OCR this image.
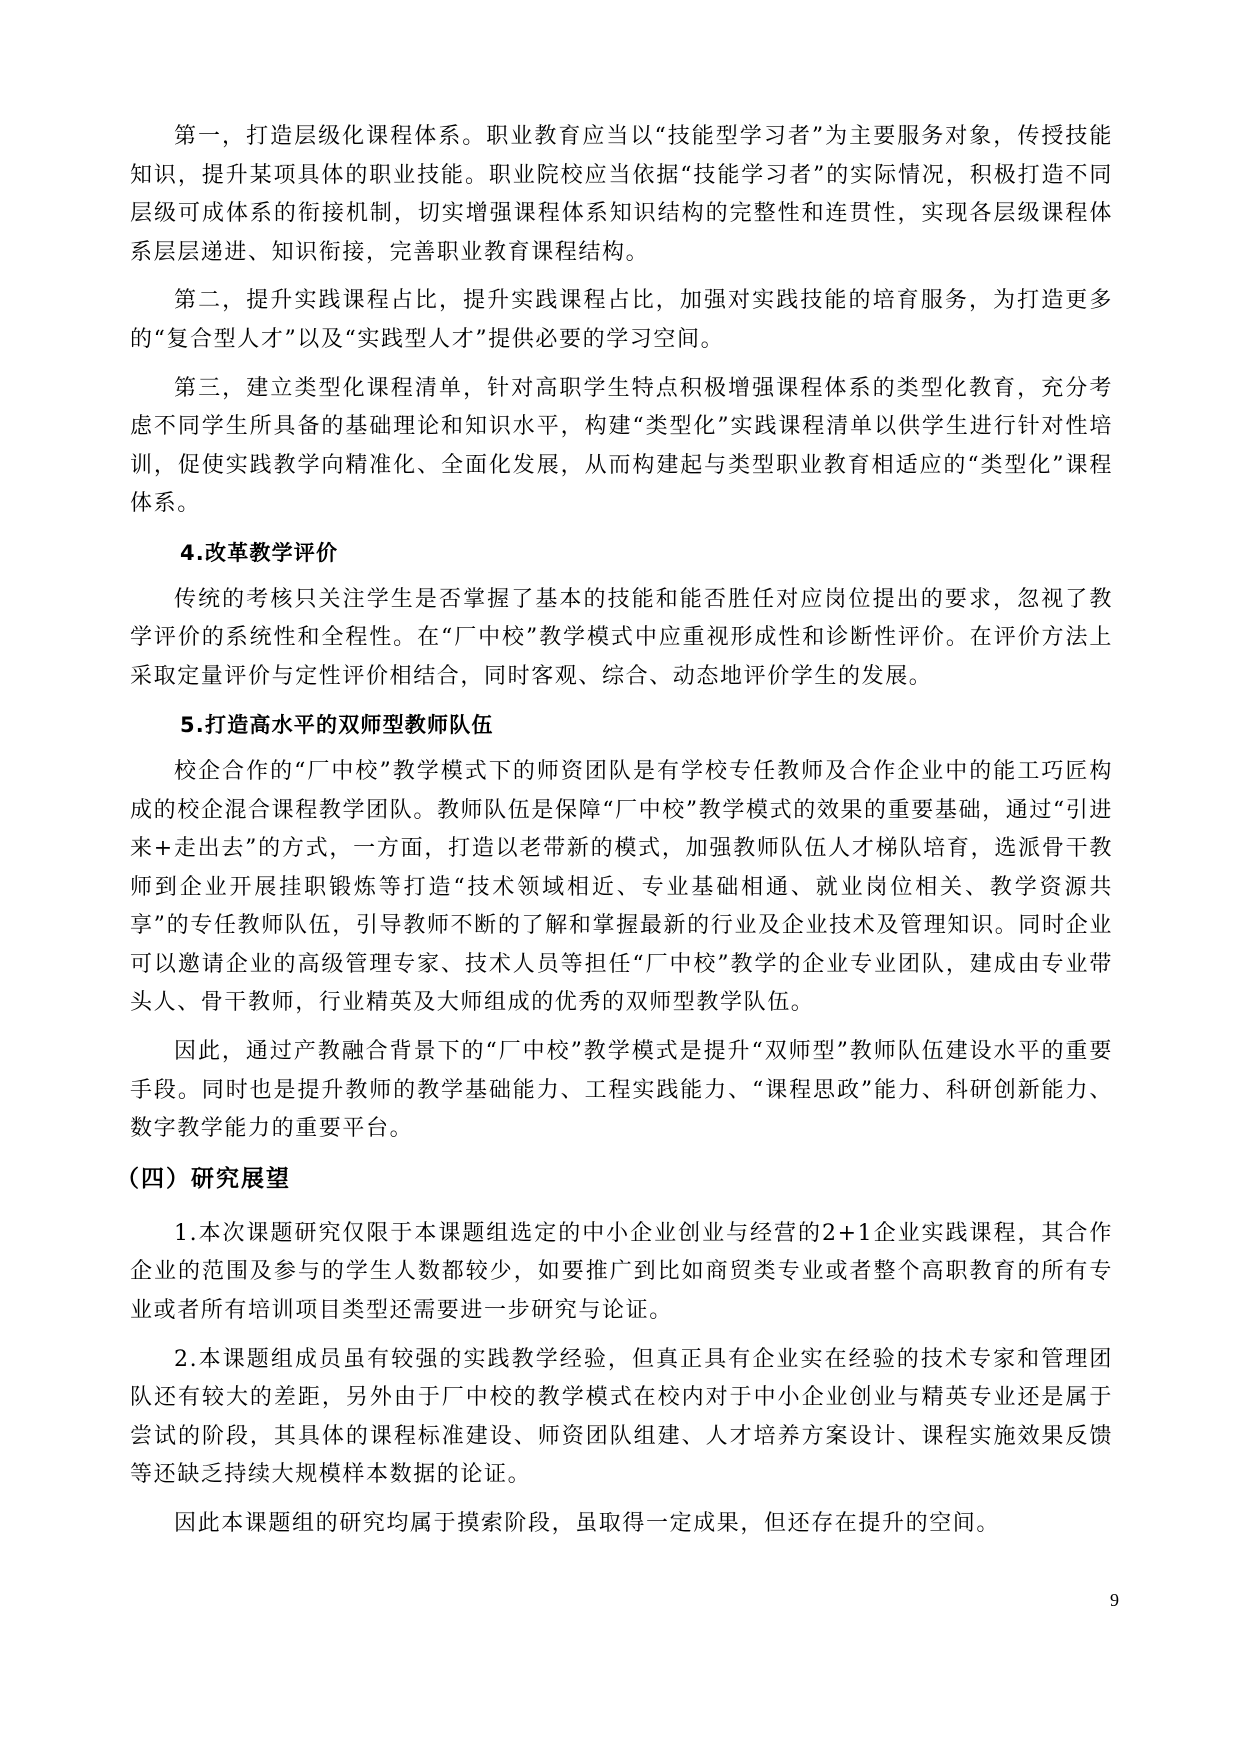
第一，打造层级化课程体系。职业教育应当以“技能型学习者”为主要服务对象，传授技能知识，提升某项具体的职业技能。职业院校应当依据“技能学习者”的实际情况，积极打造不同层级可成体系的衔接机制，切实增强课程体系知识结构的完整性和连贯性，实现各层级课程体系层层递进、知识衔接，完善职业教育课程结构。

第二，提升实践课程占比，提升实践课程占比，加强对实践技能的培育服务，为打造更多的“复合型人才”以及“实践型人才”提供必要的学习空间。

第三，建立类型化课程清单，针对高职学生特点积极增强课程体系的类型化教育，充分考虑不同学生所具备的基础理论和知识水平，构建“类型化”实践课程清单以供学生进行针对性培训，促使实践教学向精准化、全面化发展，从而构建起与类型职业教育相适应的“类型化”课程体系。

4.改革教学评价

传统的考核只关注学生是否掌握了基本的技能和能否胜任对应岗位提出的要求，忽视了教学评价的系统性和全程性。在“厂中校”教学模式中应重视形成性和诊断性评价。在评价方法上采取定量评价与定性评价相结合，同时客观、综合、动态地评价学生的发展。

5.打造高水平的双师型教师队伍

校企合作的“厂中校”教学模式下的师资团队是有学校专任教师及合作企业中的能工巧匠构成的校企混合课程教学团队。教师队伍是保障“厂中校”教学模式的效果的重要基础，通过“引进来+走出去”的方式，一方面，打造以老带新的模式，加强教师队伍人才梯队培育，选派骨干教师到企业开展挂职锻炼等打造“技术领域相近、专业基础相通、就业岗位相关、教学资源共享”的专任教师队伍，引导教师不断的了解和掌握最新的行业及企业技术及管理知识。同时企业可以邀请企业的高级管理专家、技术人员等担任“厂中校”教学的企业专业团队，建成由专业带头人、骨干教师，行业精英及大师组成的优秀的双师型教学队伍。

因此，通过产教融合背景下的“厂中校”教学模式是提升“双师型”教师队伍建设水平的重要手段。同时也是提升教师的教学基础能力、工程实践能力、“课程思政”能力、科研创新能力、数字教学能力的重要平台。

（四）研究展望

1.本次课题研究仅限于本课题组选定的中小企业创业与经营的2+1企业实践课程，其合作企业的范围及参与的学生人数都较少，如要推广到比如商贸类专业或者整个高职教育的所有专业或者所有培训项目类型还需要进一步研究与论证。

2.本课题组成员虽有较强的实践教学经验，但真正具有企业实在经验的技术专家和管理团队还有较大的差距，另外由于厂中校的教学模式在校内对于中小企业创业与精英专业还是属于尝试的阶段，其具体的课程标准建设、师资团队组建、人才培养方案设计、课程实施效果反馈等还缺乏持续大规模样本数据的论证。

因此本课题组的研究均属于摸索阶段，虽取得一定成果，但还存在提升的空间。

9
